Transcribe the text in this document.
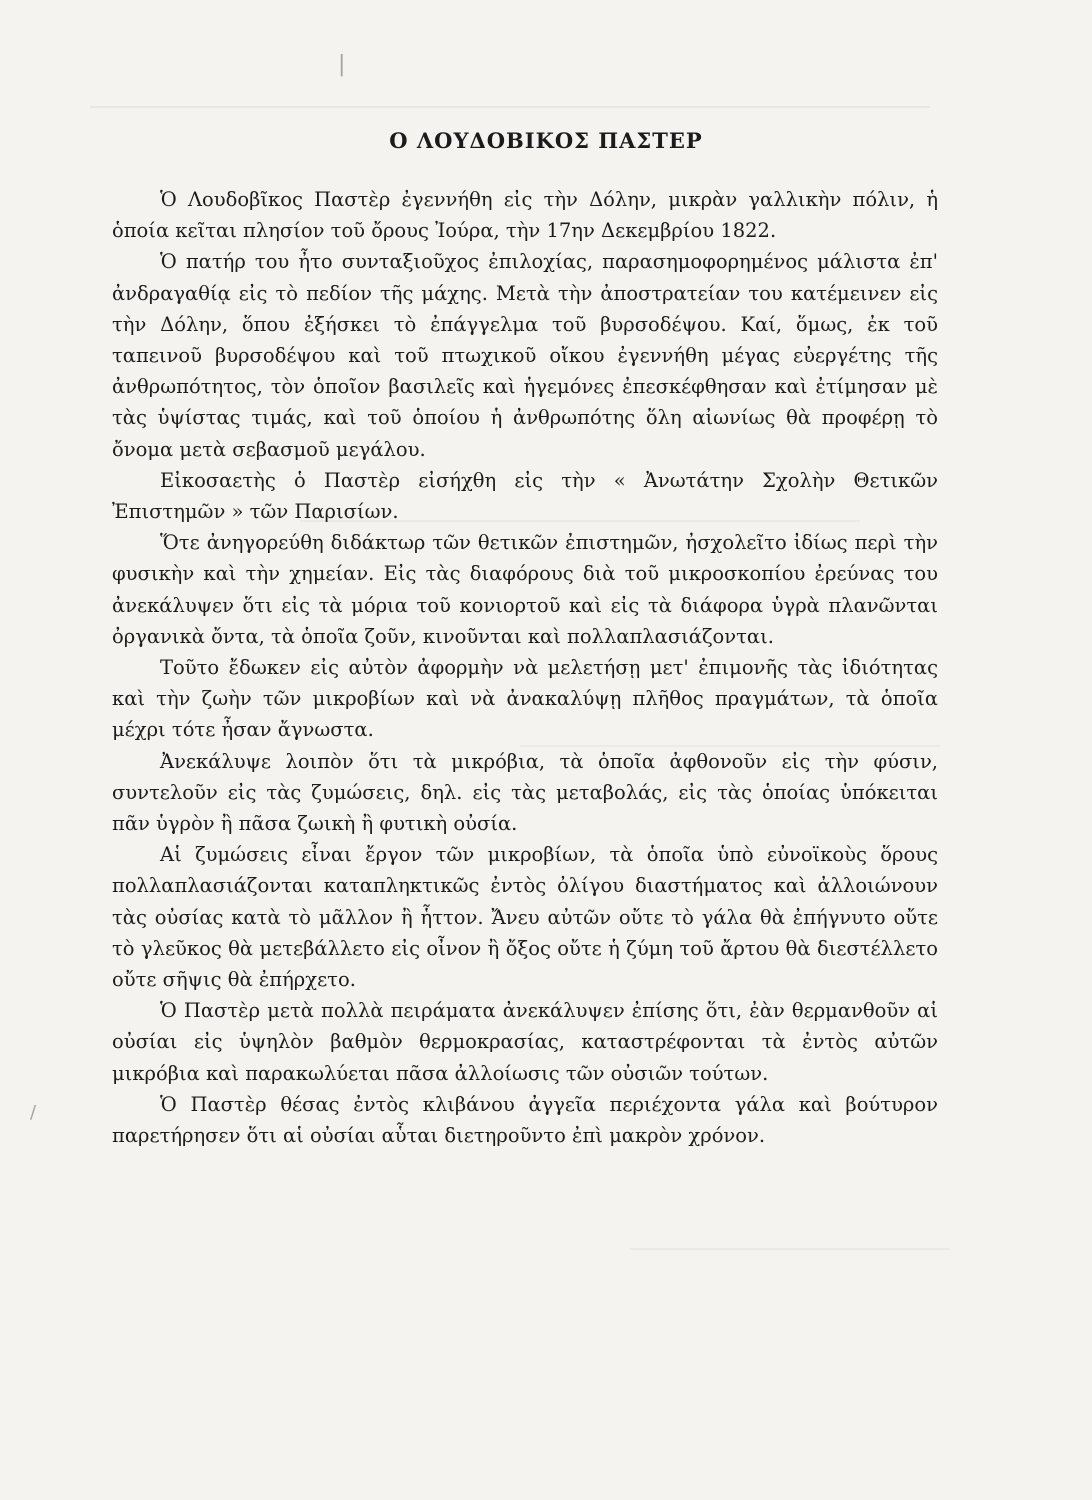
|
/
Ο ΛΟΥΔΟΒΙΚΟΣ ΠΑΣΤΕΡ

Ὁ Λουδοβῖκος Παστὲρ ἐγεννήθη εἰς τὴν Δόλην, μικρὰν γαλλικὴν πόλιν, ἡ ὁποία κεῖται πλησίον τοῦ ὄρους Ἰούρα, τὴν 17ην Δεκεμβρίου 1822.

Ὁ πατήρ του ἦτο συνταξιοῦχος ἐπιλοχίας, παρασημοφορημένος μάλιστα ἐπ' ἀνδραγαθίᾳ εἰς τὸ πεδίον τῆς μάχης. Μετὰ τὴν ἀποστρατείαν του κατέμεινεν εἰς τὴν Δόλην, ὅπου ἐξήσκει τὸ ἐπάγγελμα τοῦ βυρσοδέψου. Καί, ὅμως, ἐκ τοῦ ταπεινοῦ βυρσοδέψου καὶ τοῦ πτωχικοῦ οἴκου ἐγεννήθη μέγας εὐεργέτης τῆς ἀνθρωπότητος, τὸν ὁποῖον βασιλεῖς καὶ ἡγεμόνες ἐπεσκέφθησαν καὶ ἐτίμησαν μὲ τὰς ὑψίστας τιμάς, καὶ τοῦ ὁποίου ἡ ἀνθρωπότης ὅλη αἰωνίως θὰ προφέρῃ τὸ ὄνομα μετὰ σεβασμοῦ μεγάλου.

Εἰκοσαετὴς ὁ Παστὲρ εἰσήχθη εἰς τὴν « Ἀνωτάτην Σχολὴν Θετικῶν Ἐπιστημῶν » τῶν Παρισίων.

Ὅτε ἀνηγορεύθη διδάκτωρ τῶν θετικῶν ἐπιστημῶν, ἠσχολεῖτο ἰδίως περὶ τὴν φυσικὴν καὶ τὴν χημείαν. Εἰς τὰς διαφόρους διὰ τοῦ μικροσκοπίου ἐρεύνας του ἀνεκάλυψεν ὅτι εἰς τὰ μόρια τοῦ κονιορτοῦ καὶ εἰς τὰ διάφορα ὑγρὰ πλανῶνται ὀργανικὰ ὄντα, τὰ ὁποῖα ζοῦν, κινοῦνται καὶ πολλαπλασιάζονται.

Τοῦτο ἔδωκεν εἰς αὐτὸν ἀφορμὴν νὰ μελετήσῃ μετ' ἐπιμονῆς τὰς ἰδιότητας καὶ τὴν ζωὴν τῶν μικροβίων καὶ νὰ ἀνακαλύψῃ πλῆθος πραγμάτων, τὰ ὁποῖα μέχρι τότε ἦσαν ἄγνωστα.

Ἀνεκάλυψε λοιπὸν ὅτι τὰ μικρόβια, τὰ ὁποῖα ἀφθονοῦν εἰς τὴν φύσιν, συντελοῦν εἰς τὰς ζυμώσεις, δηλ. εἰς τὰς μεταβολάς, εἰς τὰς ὁποίας ὑπόκειται πᾶν ὑγρὸν ἢ πᾶσα ζωικὴ ἢ φυτικὴ οὐσία.

Αἱ ζυμώσεις εἶναι ἔργον τῶν μικροβίων, τὰ ὁποῖα ὑπὸ εὐνοϊκοὺς ὅρους πολλαπλασιάζονται καταπληκτικῶς ἐντὸς ὀλίγου διαστήματος καὶ ἀλλοιώνουν τὰς οὐσίας κατὰ τὸ μᾶλλον ἢ ἧττον. Ἄνευ αὐτῶν οὔτε τὸ γάλα θὰ ἐπήγνυτο οὔτε τὸ γλεῦκος θὰ μετεβάλλετο εἰς οἶνον ἢ ὄξος οὔτε ἡ ζύμη τοῦ ἄρτου θὰ διεστέλλετο οὔτε σῆψις θὰ ἐπήρχετο.

Ὁ Παστὲρ μετὰ πολλὰ πειράματα ἀνεκάλυψεν ἐπίσης ὅτι, ἐὰν θερμανθοῦν αἱ οὐσίαι εἰς ὑψηλὸν βαθμὸν θερμοκρασίας, καταστρέφονται τὰ ἐντὸς αὐτῶν μικρόβια καὶ παρακωλύεται πᾶσα ἀλλοίωσις τῶν οὐσιῶν τούτων.

Ὁ Παστὲρ θέσας ἐντὸς κλιβάνου ἀγγεῖα περιέχοντα γάλα καὶ βούτυρον παρετήρησεν ὅτι αἱ οὐσίαι αὗται διετηροῦντο ἐπὶ μακρὸν χρόνον.
